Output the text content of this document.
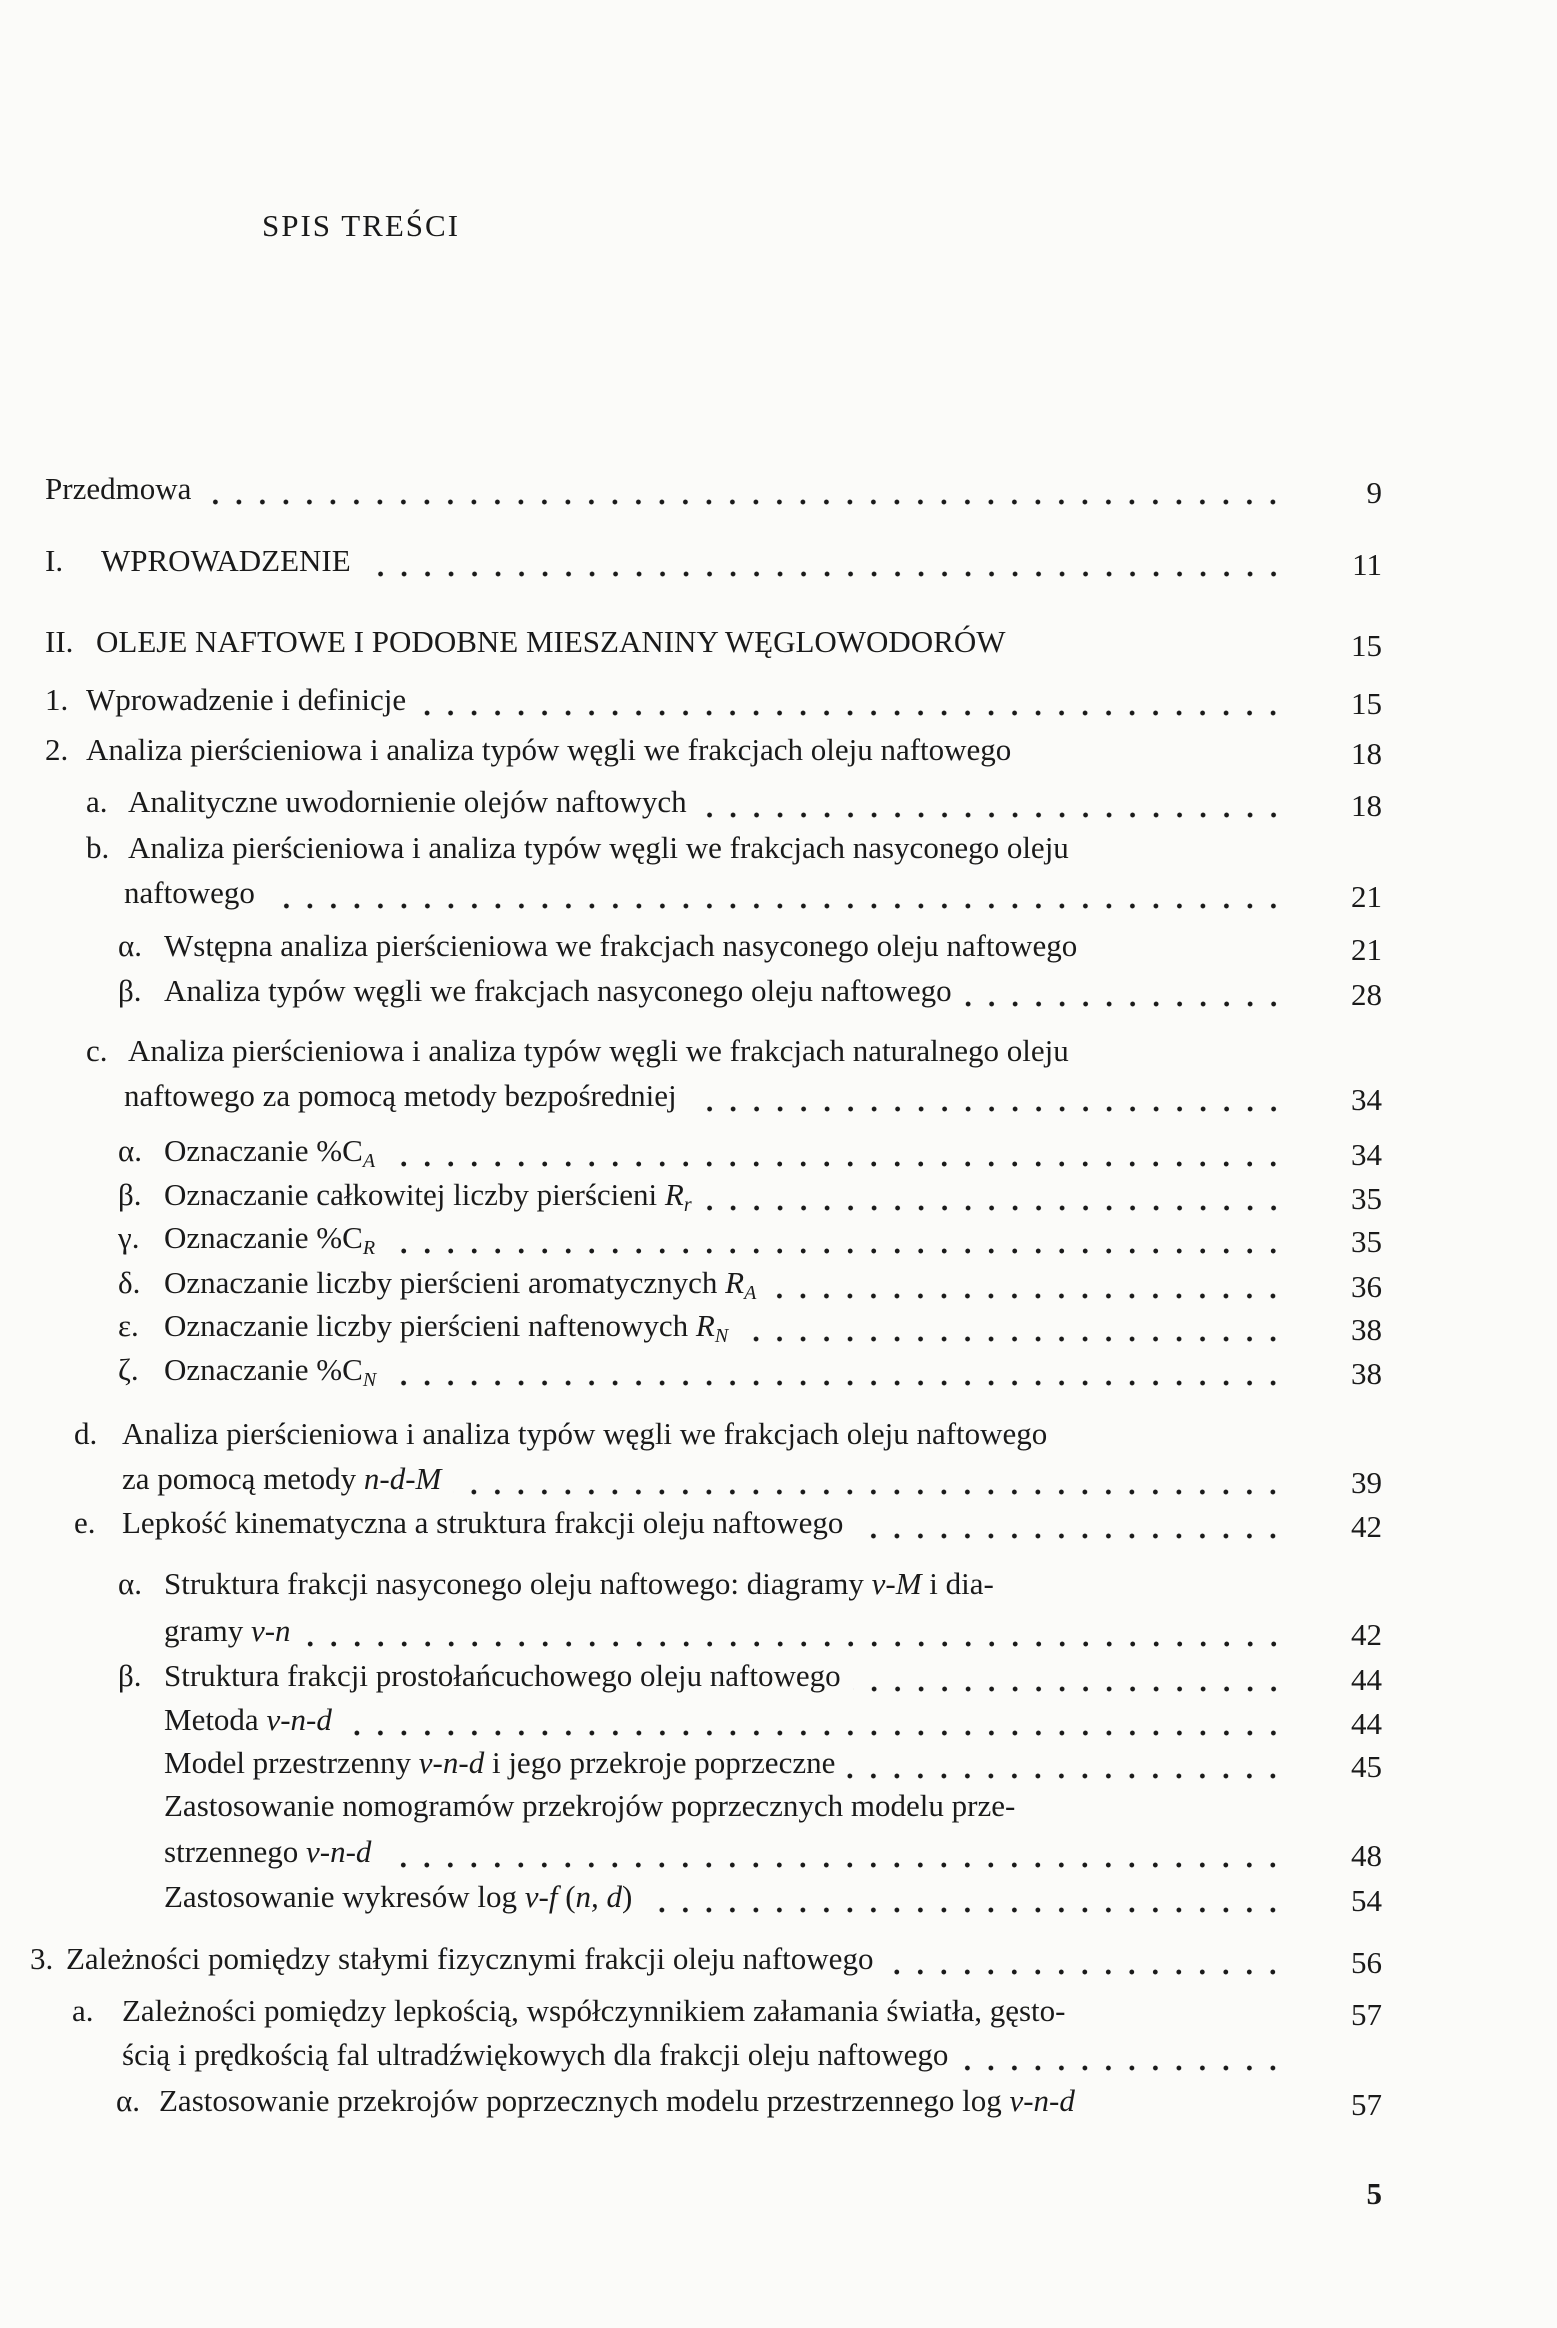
SPIS TREŚCI
Przedmowa	9
I. WPROWADZENIE	11
II. OLEJE NAFTOWE I PODOBNE MIESZANINY WĘGLOWODORÓW	15
1. Wprowadzenie i definicje	15
2. Analiza pierścieniowa i analiza typów węgli we frakcjach oleju naftowego	18
a. Analityczne uwodornienie olejów naftowych	18
b. Analiza pierścieniowa i analiza typów węgli we frakcjach nasyconego oleju
naftowego	21
α. Wstępna analiza pierścieniowa we frakcjach nasyconego oleju naftowego	21
β. Analiza typów węgli we frakcjach nasyconego oleju naftowego	28
c. Analiza pierścieniowa i analiza typów węgli we frakcjach naturalnego oleju
naftowego za pomocą metody bezpośredniej	34
α. Oznaczanie $\%C_A$	34
β. Oznaczanie całkowitej liczby pierścieni $R_r$	35
γ. Oznaczanie $\%C_R$	35
δ. Oznaczanie liczby pierścieni aromatycznych $R_A$	36
ε. Oznaczanie liczby pierścieni naftenowych $R_N$	38
ζ. Oznaczanie $\%C_N$	38
d. Analiza pierścieniowa i analiza typów węgli we frakcjach oleju naftowego
za pomocą metody n-d-M	39
e. Lepkość kinematyczna a struktura frakcji oleju naftowego	42
α. Struktura frakcji nasyconego oleju naftowego: diagramy ν-M i dia-
gramy ν-n	42
β. Struktura frakcji prostołańcuchowego oleju naftowego	44
Metoda ν-n-d	44
Model przestrzenny ν-n-d i jego przekroje poprzeczne	45
Zastosowanie nomogramów przekrojów poprzecznych modelu prze-
strzennego ν-n-d	48
Zastosowanie wykresów log ν-f (n, d)	54
3. Zależności pomiędzy stałymi fizycznymi frakcji oleju naftowego	56
a. Zależności pomiędzy lepkością, współczynnikiem załamania światła, gęsto-	57
ścią i prędkością fal ultradźwiękowych dla frakcji oleju naftowego
α. Zastosowanie przekrojów poprzecznych modelu przestrzennego log ν-n-d	57
5
